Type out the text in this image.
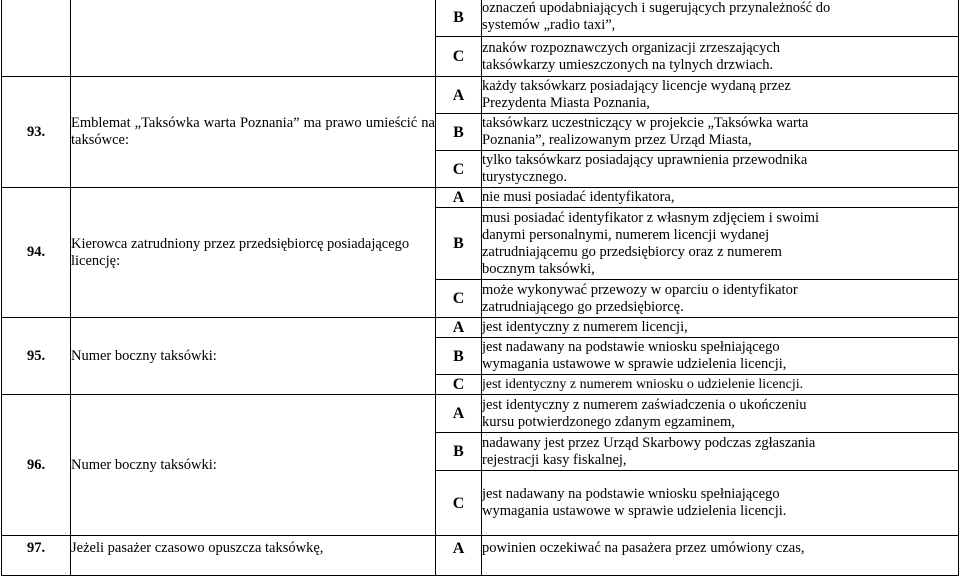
		B	oznaczeń upodabniających i sugerujących przynależność do
systemów „radio taxi”,

		C	znaków rozpoznawczych organizacji zrzeszających
taksówkarzy umieszczonych na tylnych drzwiach.

93.	Emblemat „Taksówka warta Poznania” ma prawo umieścić na taksówce:	A	każdy taksówkarz posiadający licencje wydaną przez
Prezydenta Miasta Poznania,

		B	taksówkarz uczestniczący w projekcie „Taksówka warta
Poznania”, realizowanym przez Urząd Miasta,

		C	tylko taksówkarz posiadający uprawnienia przewodnika
turystycznego.

94.	Kierowca zatrudniony przez przedsiębiorcę posiadającego licencję:	A	nie musi posiadać identyfikatora,

		B	musi posiadać identyfikator z własnym zdjęciem i swoimi
danymi personalnymi, numerem licencji wydanej
zatrudniającemu go przedsiębiorcy oraz z numerem
bocznym taksówki,

		C	może wykonywać przewozy w oparciu o identyfikator
zatrudniającego go przedsiębiorcę.

95.	Numer boczny taksówki:	A	jest identyczny z numerem licencji,

		B	jest nadawany na podstawie wniosku spełniającego
wymagania ustawowe w sprawie udzielenia licencji,

		C	jest identyczny z numerem wniosku o udzielenie licencji.

96.	Numer boczny taksówki:	A	jest identyczny z numerem zaświadczenia o ukończeniu
kursu potwierdzonego zdanym egzaminem,

		B	nadawany jest przez Urząd Skarbowy podczas zgłaszania
rejestracji kasy fiskalnej,

		C	jest nadawany na podstawie wniosku spełniającego
wymagania ustawowe w sprawie udzielenia licencji.

97.	Jeżeli pasażer czasowo opuszcza taksówkę,	A	powinien oczekiwać na pasażera przez umówiony czas,
